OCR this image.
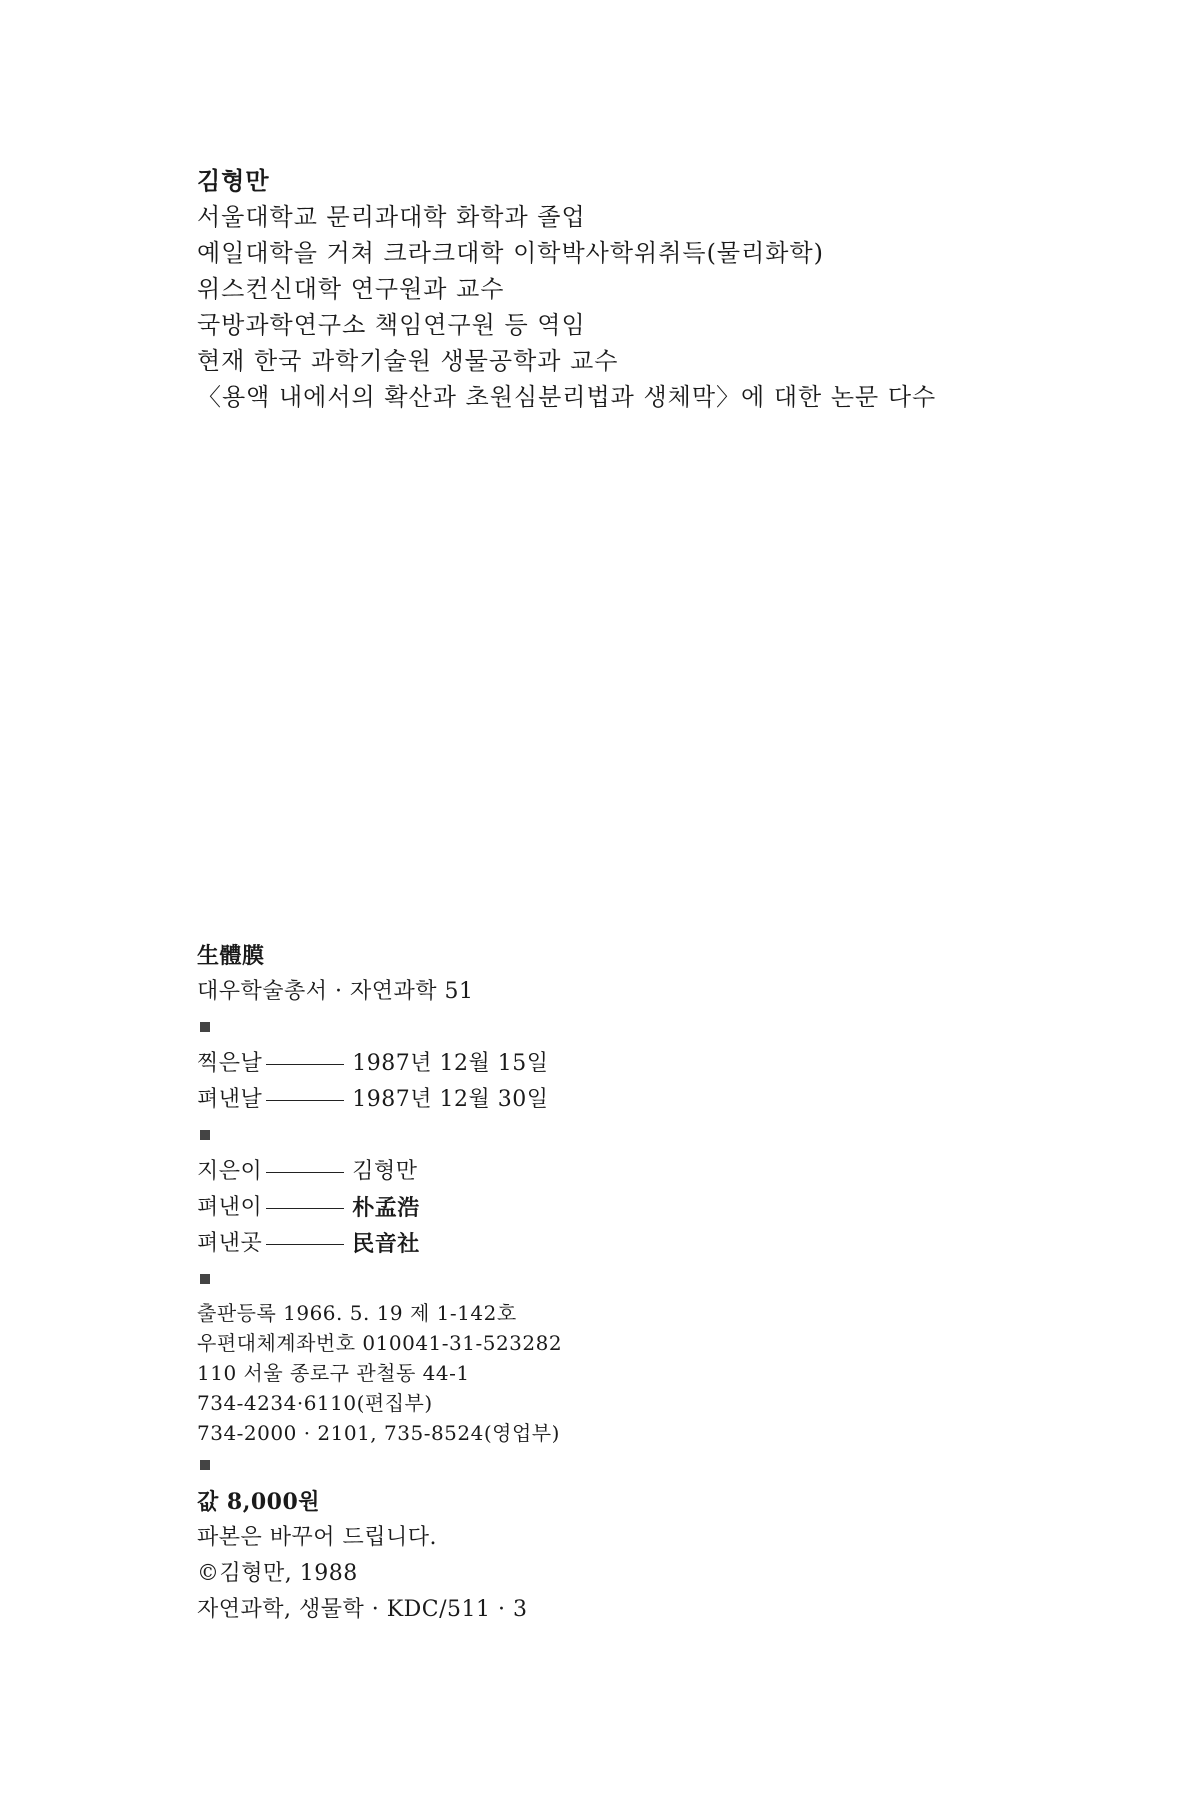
김형만
서울대학교 문리과대학 화학과 졸업
예일대학을 거쳐 크라크대학 이학박사학위취득(물리화학)
위스컨신대학 연구원과 교수
국방과학연구소 책임연구원 등 역임
현재 한국 과학기술원 생물공학과 교수
〈용액 내에서의 확산과 초원심분리법과 생체막〉에 대한 논문 다수
生體膜
대우학술총서 · 자연과학 51
찍은날	1987년 12월 15일
펴낸날	1987년 12월 30일
지은이	김형만
펴낸이	朴孟浩
펴낸곳	民音社
출판등록 1966. 5. 19 제 1-142호
우편대체계좌번호 010041-31-523282
110 서울 종로구 관철동 44-1
734-4234·6110(편집부)
734-2000 · 2101, 735-8524(영업부)
값 8,000원
파본은 바꾸어 드립니다.
©김형만, 1988
자연과학, 생물학 · KDC/511 · 3
